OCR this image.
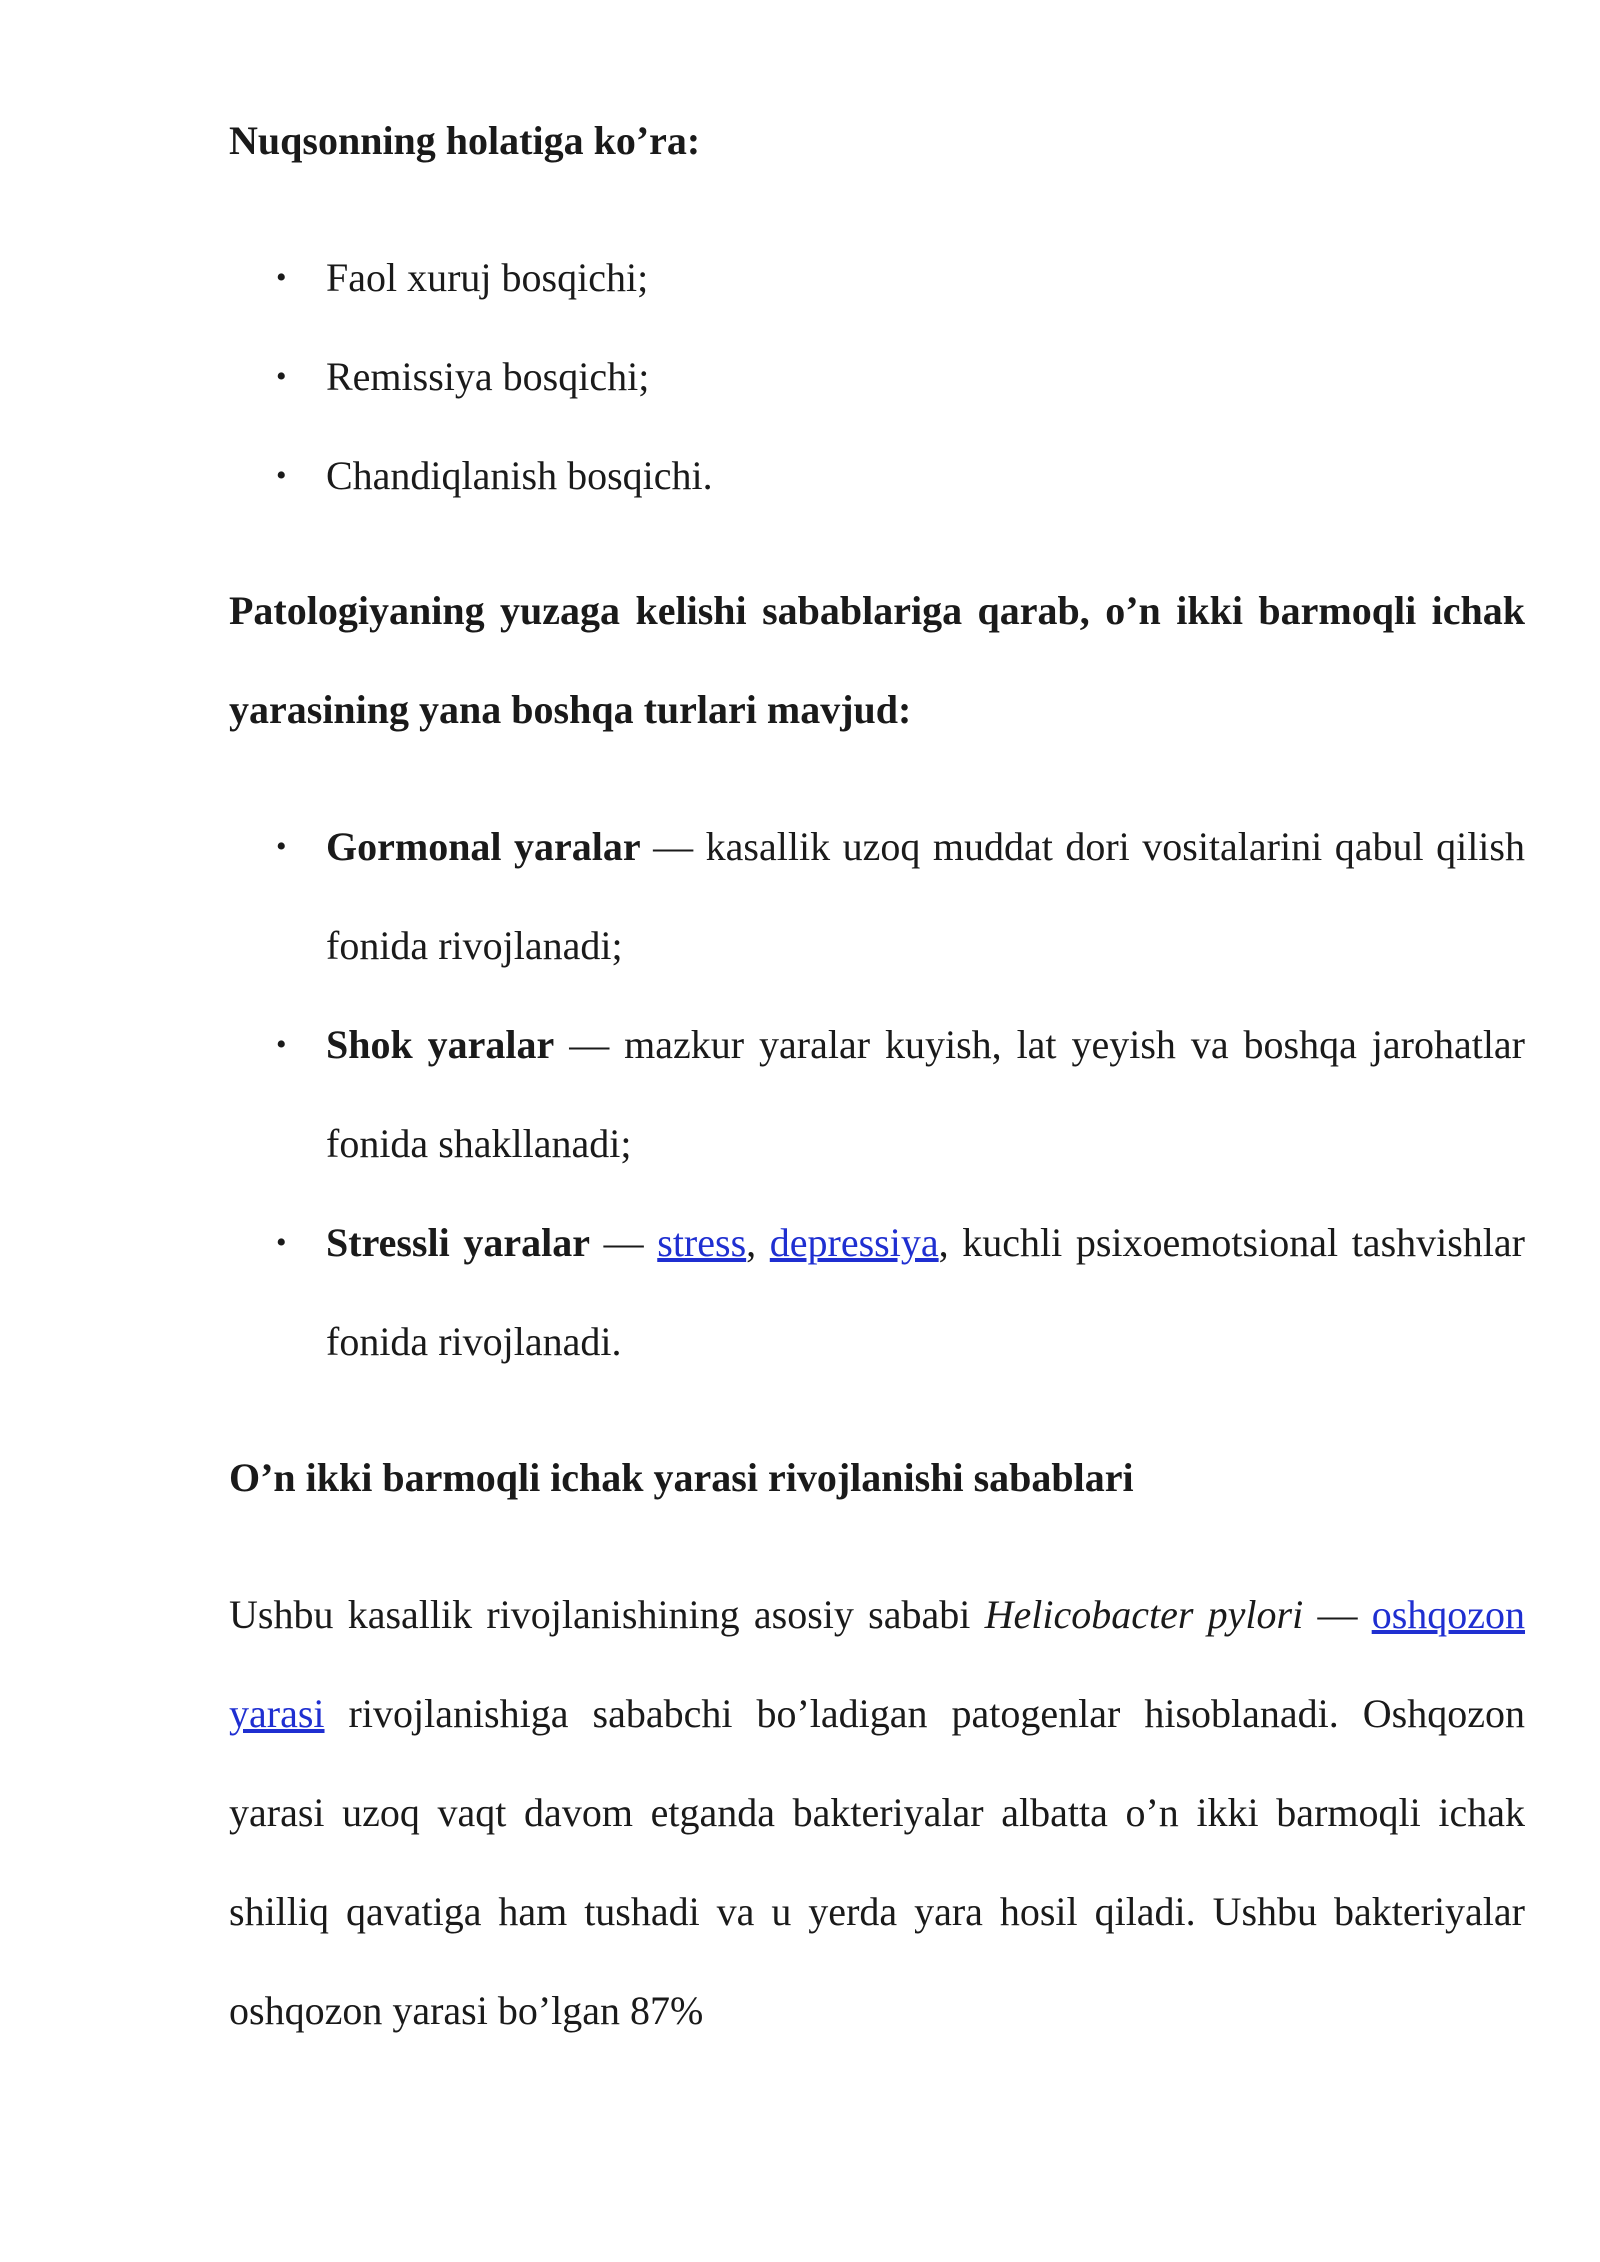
Nuqsonning holatiga ko’ra:

• Faol xuruj bosqichi;
• Remissiya bosqichi;
• Chandiqlanish bosqichi.

Patologiyaning yuzaga kelishi sabablariga qarab, o’n ikki barmoqli ichak yarasining yana boshqa turlari mavjud:

• Gormonal yaralar — kasallik uzoq muddat dori vositalarini qabul qilish fonida rivojlanadi;
• Shok yaralar — mazkur yaralar kuyish, lat yeyish va boshqa jarohatlar fonida shakllanadi;
• Stressli yaralar — stress, depressiya, kuchli psixoemotsional tashvishlar fonida rivojlanadi.

O’n ikki barmoqli ichak yarasi rivojlanishi sabablari

Ushbu kasallik rivojlanishining asosiy sababi Helicobacter pylori — oshqozon yarasi rivojlanishiga sababchi bo’ladigan patogenlar hisoblanadi. Oshqozon yarasi uzoq vaqt davom etganda bakteriyalar albatta o’n ikki barmoqli ichak shilliq qavatiga ham tushadi va u yerda yara hosil qiladi. Ushbu bakteriyalar oshqozon yarasi bo’lgan 87%
